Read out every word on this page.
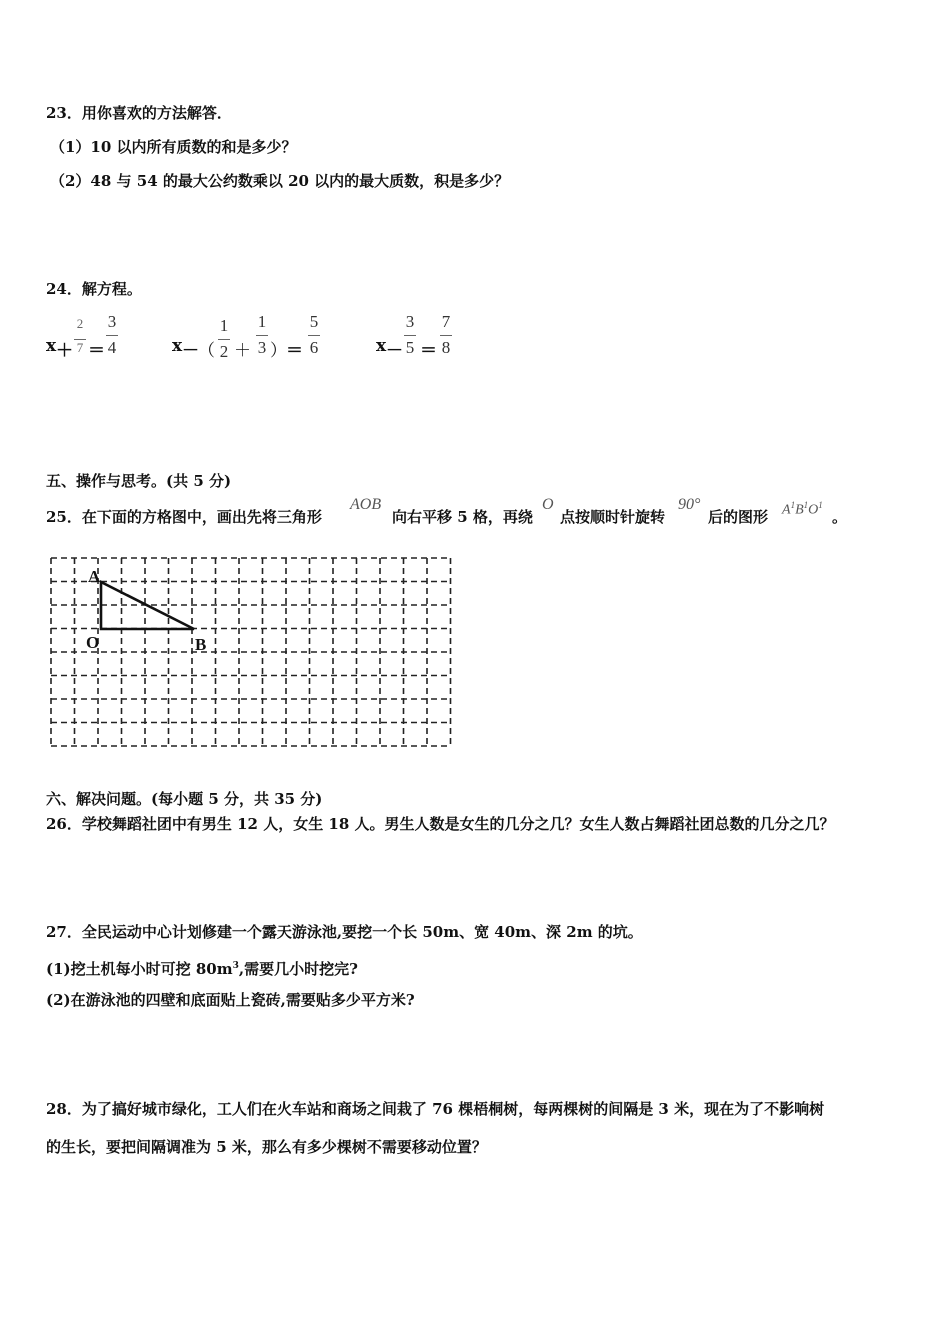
23．用你喜欢的方法解答．
（1）10 以内所有质数的和是多少？
（2）48 与 54 的最大公约数乘以 20 以内的最大质数，积是多少？
24．解方程。
x ＋
2
7 ＝
3
4	x － （
1
2 ＋
1
3 ） ＝
5
6	x －
3
5 ＝
7
8
五、操作与思考。(共 5 分)
25．在下面的方格图中，画出先将三角形
AOB
向右平移 5 格，再绕
O
点按顺时针旋转
90°
后的图形 $A^1B^1O^1$
。
A
O	B
六、解决问题。(每小题 5 分，共 35 分)
26．学校舞蹈社团中有男生 12 人，女生 18 人。男生人数是女生的几分之几？女生人数占舞蹈社团总数的几分之几？
27．全民运动中心计划修建一个露天游泳池,要挖一个长 50m、宽 40m、深 2m 的坑。
(1)挖土机每小时可挖 $80m^3$,需要几小时挖完?
(2)在游泳池的四壁和底面贴上瓷砖,需要贴多少平方米?
28．为了搞好城市绿化，工人们在火车站和商场之间栽了 76 棵梧桐树，每两棵树的间隔是 3 米，现在为了不影响树
的生长，要把间隔调准为 5 米，那么有多少棵树不需要移动位置？
